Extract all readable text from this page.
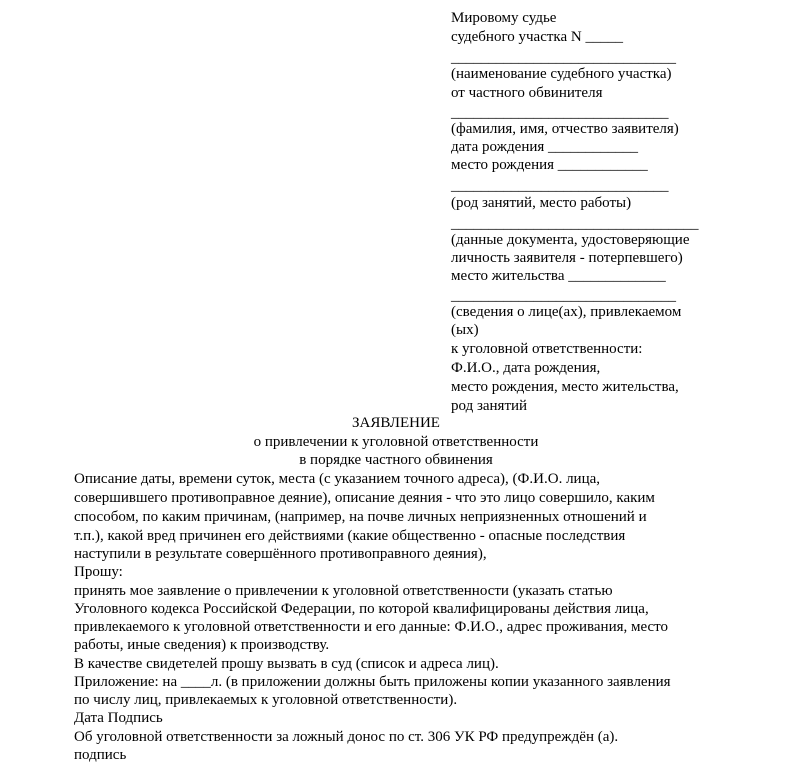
Мировому судье
судебного участка N _____
______________________________
(наименование судебного участка)
от частного обвинителя
_____________________________
(фамилия, имя, отчество заявителя)
дата рождения ____________
место рождения ____________
_____________________________
(род занятий, место работы)
_________________________________
(данные документа, удостоверяющие
личность заявителя - потерпевшего)
место жительства _____________
______________________________
(сведения о лице(ах), привлекаемом
(ых)
к уголовной ответственности:
Ф.И.О., дата рождения,
место рождения, место жительства,
род занятий
ЗАЯВЛЕНИЕ
о привлечении к уголовной ответственности
в порядке частного обвинения
Описание даты, времени суток, места (с указанием точного адреса), (Ф.И.О. лица,
совершившего противоправное деяние), описание деяния - что это лицо совершило, каким
способом, по каким причинам, (например, на почве личных неприязненных отношений и
т.п.), какой вред причинен его действиями (какие общественно - опасные последствия
наступили в результате совершённого противоправного деяния),
Прошу:
принять мое заявление о привлечении к уголовной ответственности (указать статью
Уголовного кодекса Российской Федерации, по которой квалифицированы действия лица,
привлекаемого к уголовной ответственности и его данные: Ф.И.О., адрес проживания, место
работы, иные сведения) к производству.
В качестве свидетелей прошу вызвать в суд (список и адреса лиц).
Приложение: на ____л. (в приложении должны быть приложены копии указанного заявления
по числу лиц, привлекаемых к уголовной ответственности).
Дата Подпись
Об уголовной ответственности за ложный донос по ст. 306 УК РФ предупреждён (а).
подпись
